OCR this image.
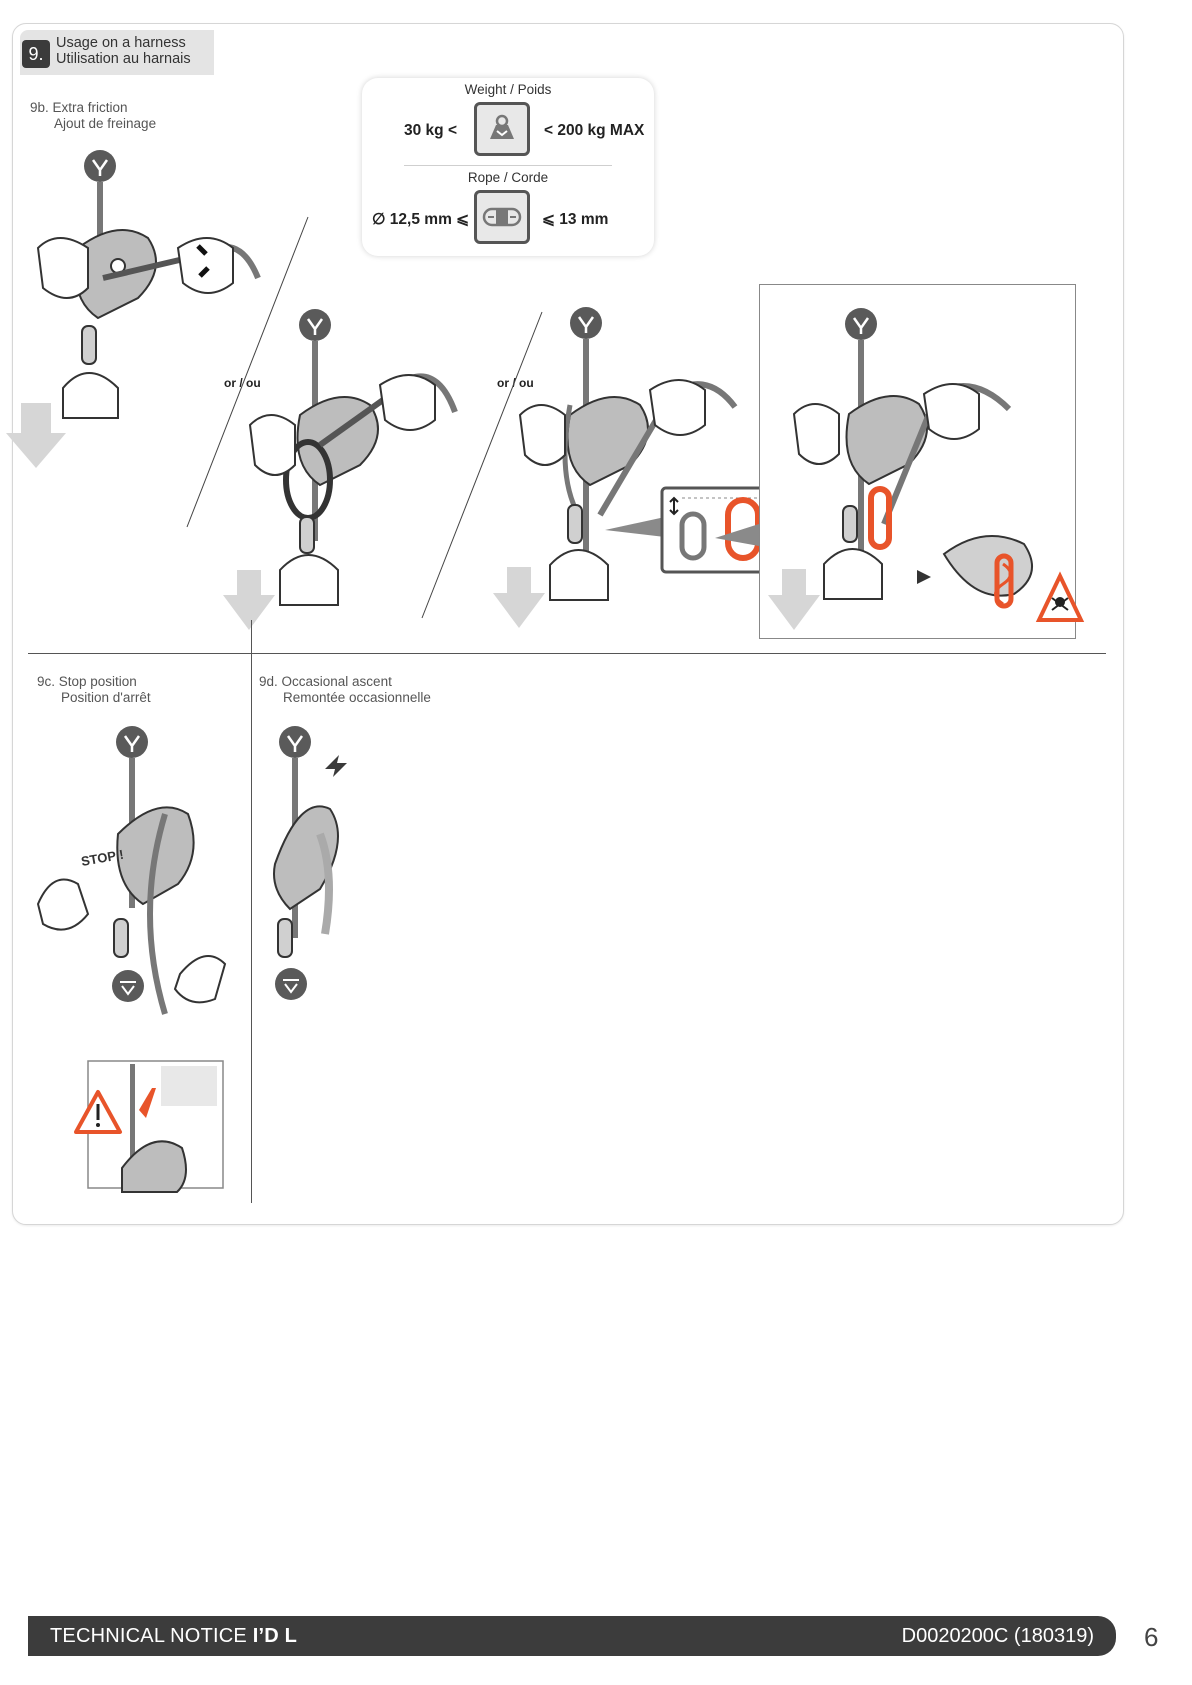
9.
Usage on a harness
Utilisation au harnais
Weight / Poids
30 kg <	< 200 kg MAX
Rope / Corde
∅ 12,5 mm ⩽	⩽ 13 mm
9b. Extra friction
Ajout de freinage
or / ou	or / ou
9c. Stop position
Position d'arrêt
STOP !
9d. Occasional ascent
Remontée occasionnelle
TECHNICAL NOTICE I’D L	D0020200C (180319) 6
